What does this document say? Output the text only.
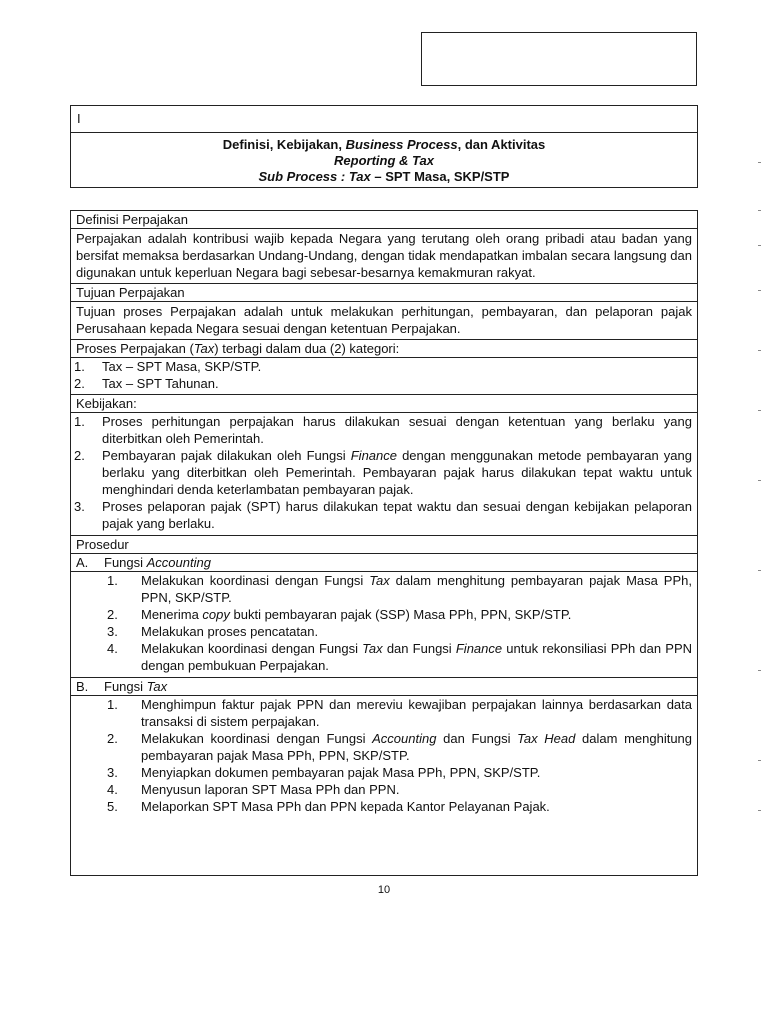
I
Definisi, Kebijakan, Business Process, dan Aktivitas
Reporting & Tax
Sub Process : Tax – SPT Masa, SKP/STP
Definisi Perpajakan
Perpajakan adalah kontribusi wajib kepada Negara yang terutang oleh orang pribadi atau badan yang bersifat memaksa berdasarkan Undang-Undang, dengan tidak mendapatkan imbalan secara langsung dan digunakan untuk keperluan Negara bagi sebesar-besarnya kemakmuran rakyat.
Tujuan Perpajakan
Tujuan proses Perpajakan adalah untuk melakukan perhitungan, pembayaran, dan pelaporan pajak Perusahaan kepada Negara sesuai dengan ketentuan Perpajakan.
Proses Perpajakan (Tax) terbagi dalam dua (2) kategori:
1.	Tax – SPT Masa, SKP/STP.
2.	Tax – SPT Tahunan.
Kebijakan:
1.	Proses perhitungan perpajakan harus dilakukan sesuai dengan ketentuan yang berlaku yang diterbitkan oleh Pemerintah.
2.	Pembayaran pajak dilakukan oleh Fungsi Finance dengan menggunakan metode pembayaran yang berlaku yang diterbitkan oleh Pemerintah. Pembayaran pajak harus dilakukan tepat waktu untuk menghindari denda keterlambatan pembayaran pajak.
3.	Proses pelaporan pajak (SPT) harus dilakukan tepat waktu dan sesuai dengan kebijakan pelaporan pajak yang berlaku.
Prosedur
A.	Fungsi Accounting
1.	Melakukan koordinasi dengan Fungsi Tax dalam menghitung pembayaran pajak Masa PPh, PPN, SKP/STP.
2.	Menerima copy bukti pembayaran pajak (SSP) Masa PPh, PPN, SKP/STP.
3.	Melakukan proses pencatatan.
4.	Melakukan koordinasi dengan Fungsi Tax dan Fungsi Finance untuk rekonsiliasi PPh dan PPN dengan pembukuan Perpajakan.
B.	Fungsi Tax
1.	Menghimpun faktur pajak PPN dan mereviu kewajiban perpajakan lainnya berdasarkan data transaksi di sistem perpajakan.
2.	Melakukan koordinasi dengan Fungsi Accounting dan Fungsi Tax Head dalam menghitung pembayaran pajak Masa PPh, PPN, SKP/STP.
3.	Menyiapkan dokumen pembayaran pajak Masa PPh, PPN, SKP/STP.
4.	Menyusun laporan SPT Masa PPh dan PPN.
5.	Melaporkan SPT Masa PPh dan PPN kepada Kantor Pelayanan Pajak.
10
